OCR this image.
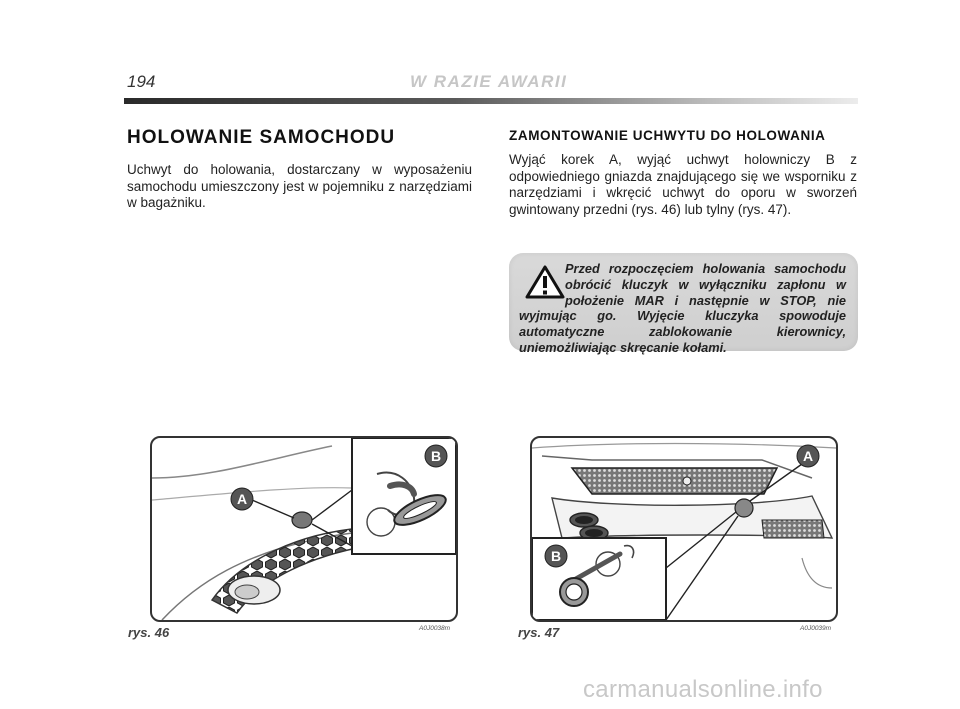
194	W RAZIE AWARII
HOLOWANIE SAMOCHODU
Uchwyt do holowania, dostarczany w wyposażeniu samochodu umieszczony jest w pojemniku z narzędziami w bagażniku.
ZAMONTOWANIE UCHWYTU DO HOLOWANIA
Wyjąć korek A, wyjąć uchwyt holowniczy B z odpowiedniego gniazda znajdującego się we wsporniku z narzędziami i wkręcić uchwyt do oporu w sworzeń gwintowany przedni (rys. 46) lub tylny (rys. 47).
Przed rozpoczęciem holowania samochodu obrócić kluczyk w wyłączniku zapłonu w położenie MAR i następnie w STOP, nie wyjmując go. Wyjęcie kluczyka spowoduje automatyczne zablokowanie kierownicy, uniemożliwiając skręcanie kołami.
A
B
rys. 46	A0J0038m
A
B
rys. 47	A0J0039m
carmanualsonline.info
